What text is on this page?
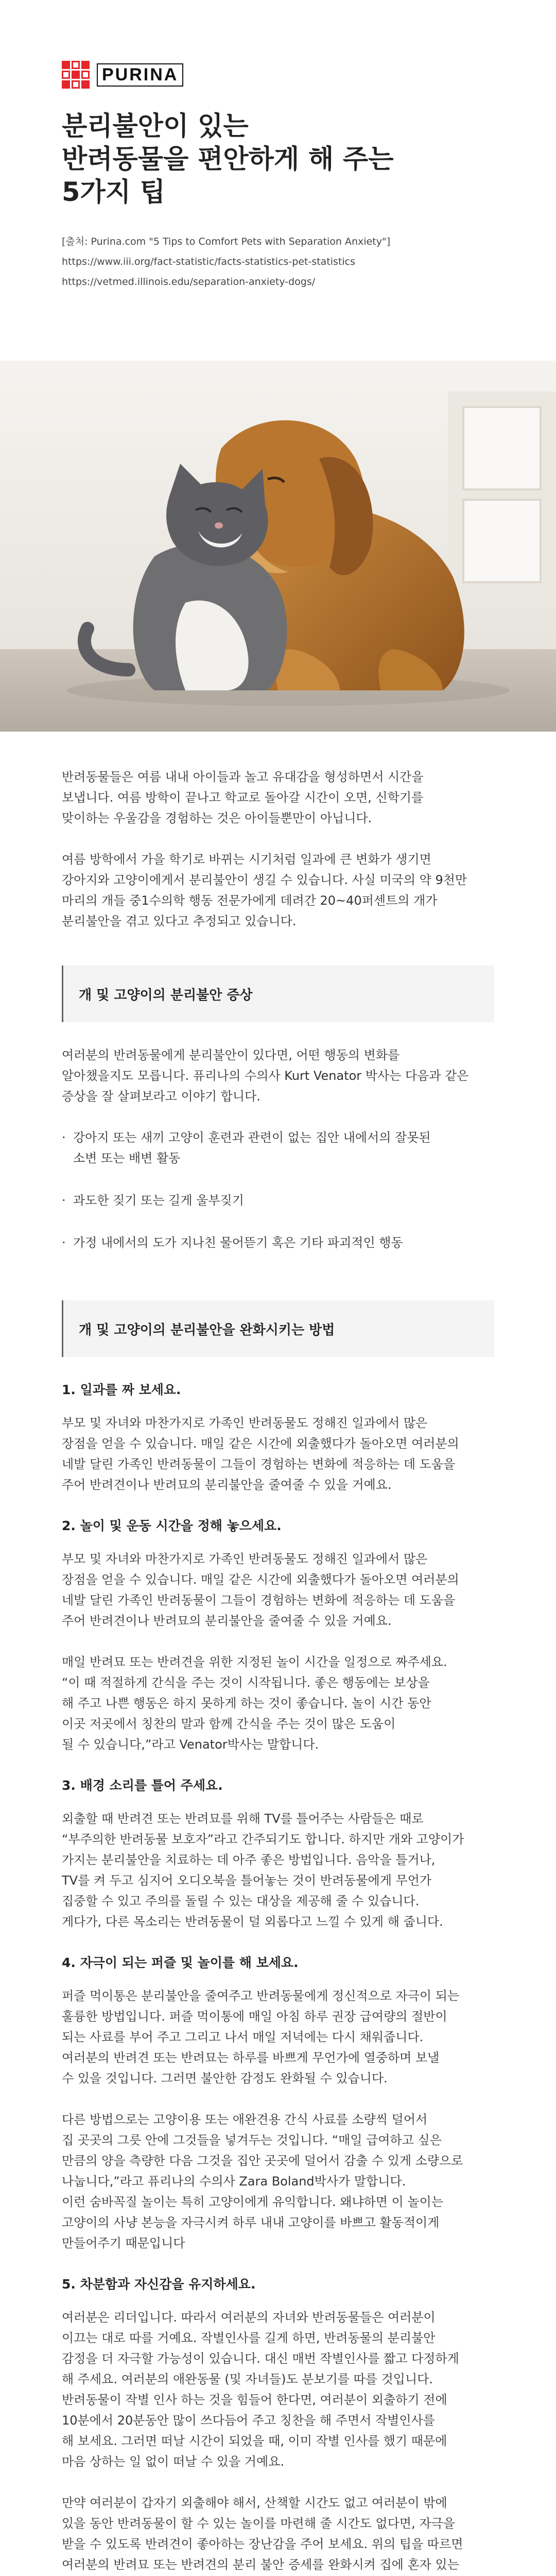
PURINA
분리불안이 있는
반려동물을 편안하게 해 주는
5가지 팁
[출처: Purina.com "5 Tips to Comfort Pets with Separation Anxiety"]
https://www.iii.org/fact-statistic/facts-statistics-pet-statistics
https://vetmed.illinois.edu/separation-anxiety-dogs/
반려동물들은 여름 내내 아이들과 놀고 유대감을 형성하면서 시간을
보냅니다. 여름 방학이 끝나고 학교로 돌아갈 시간이 오면, 신학기를
맞이하는 우울감을 경험하는 것은 아이들뿐만이 아닙니다.
여름 방학에서 가을 학기로 바뀌는 시기처럼 일과에 큰 변화가 생기면
강아지와 고양이에게서 분리불안이 생길 수 있습니다. 사실 미국의 약 9천만
마리의 개들 중1수의학 행동 전문가에게 데려간 20~40퍼센트의 개가
분리불안을 겪고 있다고 추정되고 있습니다.
개 및 고양이의 분리불안 증상
여러분의 반려동물에게 분리불안이 있다면, 어떤 행동의 변화를
알아챘을지도 모릅니다. 퓨리나의 수의사 Kurt Venator 박사는 다음과 같은
증상을 잘 살펴보라고 이야기 합니다.
· 강아지 또는 새끼 고양이 훈련과 관련이 없는 집안 내에서의 잘못된
소변 또는 배변 활동
· 과도한 짖기 또는 길게 울부짖기
· 가정 내에서의 도가 지나친 물어뜯기 혹은 기타 파괴적인 행동
개 및 고양이의 분리불안을 완화시키는 방법
1. 일과를 짜 보세요.
부모 및 자녀와 마찬가지로 가족인 반려동물도 정해진 일과에서 많은
장점을 얻을 수 있습니다. 매일 같은 시간에 외출했다가 돌아오면 여러분의
네발 달린 가족인 반려동물이 그들이 경험하는 변화에 적응하는 데 도움을
주어 반려견이나 반려묘의 분리불안을 줄여줄 수 있을 거예요.
2. 놀이 및 운동 시간을 정해 놓으세요.
부모 및 자녀와 마찬가지로 가족인 반려동물도 정해진 일과에서 많은
장점을 얻을 수 있습니다. 매일 같은 시간에 외출했다가 돌아오면 여러분의
네발 달린 가족인 반려동물이 그들이 경험하는 변화에 적응하는 데 도움을
주어 반려견이나 반려묘의 분리불안을 줄여줄 수 있을 거예요.
매일 반려묘 또는 반려견을 위한 지정된 놀이 시간을 일정으로 짜주세요.
“이 때 적절하게 간식을 주는 것이 시작됩니다. 좋은 행동에는 보상을
해 주고 나쁜 행동은 하지 못하게 하는 것이 좋습니다. 놀이 시간 동안
이곳 저곳에서 칭찬의 말과 함께 간식을 주는 것이 많은 도움이
될 수 있습니다,”라고 Venator박사는 말합니다.
3. 배경 소리를 틀어 주세요.
외출할 때 반려견 또는 반려묘를 위해 TV를 틀어주는 사람들은 때로
“부주의한 반려동물 보호자”라고 간주되기도 합니다. 하지만 개와 고양이가
가지는 분리불안을 치료하는 데 아주 좋은 방법입니다. 음악을 틀거나,
TV를 켜 두고 심지어 오디오북을 틀어놓는 것이 반려동물에게 무언가
집중할 수 있고 주의를 돌릴 수 있는 대상을 제공해 줄 수 있습니다.
게다가, 다른 목소리는 반려동물이 덜 외롭다고 느낄 수 있게 해 줍니다.
4. 자극이 되는 퍼즐 및 놀이를 해 보세요.
퍼즐 먹이통은 분리불안을 줄여주고 반려동물에게 정신적으로 자극이 되는
훌륭한 방법입니다. 퍼즐 먹이통에 매일 아침 하루 권장 급여량의 절반이
되는 사료를 부어 주고 그리고 나서 매일 저녁에는 다시 채워줍니다.
여러분의 반려견 또는 반려묘는 하루를 바쁘게 무언가에 열중하며 보낼
수 있을 것입니다. 그러면 불안한 감정도 완화될 수 있습니다.
다른 방법으로는 고양이용 또는 애완견용 간식 사료를 소량씩 덜어서
집 곳곳의 그릇 안에 그것들을 넣겨두는 것입니다. “매일 급여하고 싶은
만큼의 양을 측량한 다음 그것을 집안 곳곳에 덜어서 감출 수 있게 소량으로
나눕니다,”라고 퓨리나의 수의사 Zara Boland박사가 말합니다.
이런 숨바꼭질 놀이는 특히 고양이에게 유익합니다. 왜냐하면 이 놀이는
고양이의 사냥 본능을 자극시켜 하루 내내 고양이를 바쁘고 활동적이게
만들어주기 때문입니다
5. 차분함과 자신감을 유지하세요.
여러분은 리더입니다. 따라서 여러분의 자녀와 반려동물들은 여러분이
이끄는 대로 따를 거예요. 작별인사를 길게 하면, 반려동물의 분리불안
감정을 더 자극할 가능성이 있습니다. 대신 매번 작별인사를 짧고 다정하게
해 주세요. 여러분의 애완동물 (및 자녀들)도 분보기를 따를 것입니다.
반려동물이 작별 인사 하는 것을 힘들어 한다면, 여러분이 외출하기 전에
10분에서 20분동안 많이 쓰다듬어 주고 칭찬을 해 주면서 작별인사를
해 보세요. 그러면 떠날 시간이 되었을 때, 이미 작별 인사를 했기 때문에
마음 상하는 일 없이 떠날 수 있을 거예요.
만약 여러분이 갑자기 외출해야 해서, 산책할 시간도 없고 여러분이 밖에
있을 동안 반려동물이 할 수 있는 놀이를 마련해 줄 시간도 없다면, 자극을
받을 수 있도록 반려견이 좋아하는 장난감을 주어 보세요. 위의 팁을 따르면
여러분의 반려묘 또는 반려견의 분리 불안 증세를 완화시켜 집에 혼자 있는
